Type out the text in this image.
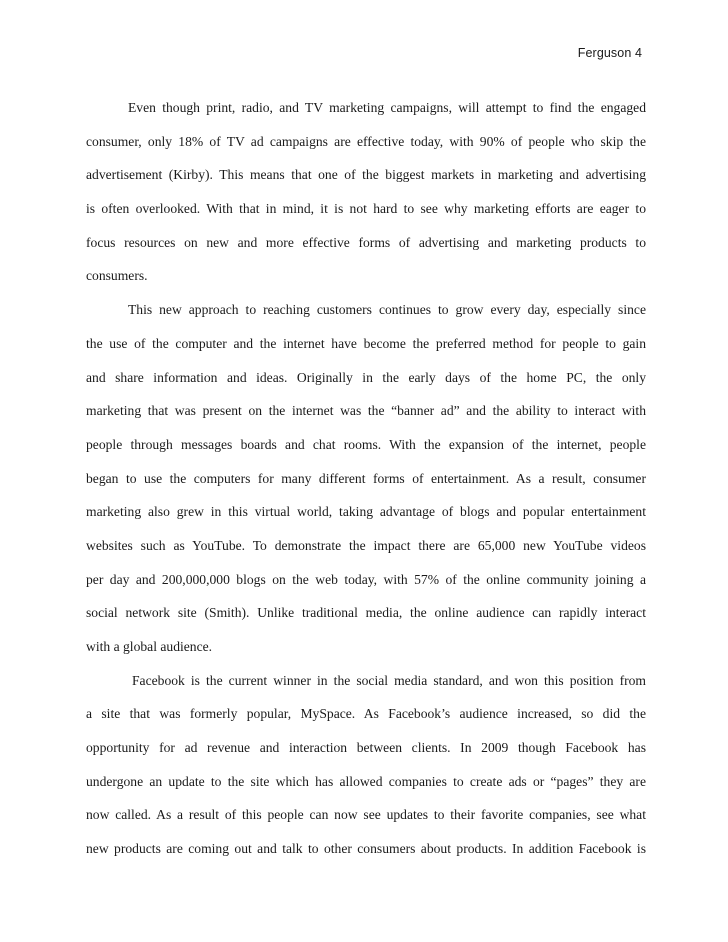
Ferguson 4
Even though print, radio, and TV marketing campaigns, will attempt to find the engaged
consumer, only 18% of TV ad campaigns are effective today, with 90% of people who skip the
advertisement (Kirby). This means that one of the biggest markets in marketing and advertising
is often overlooked. With that in mind, it is not hard to see why marketing efforts are eager to
focus resources on new and more effective forms of advertising and marketing products to
consumers.
This new approach to reaching customers continues to grow every day, especially since
the use of the computer and the internet have become the preferred method for people to gain
and share information and ideas. Originally in the early days of the home PC, the only
marketing that was present on the internet was the “banner ad” and the ability to interact with
people through messages boards and chat rooms. With the expansion of the internet, people
began to use the computers for many different forms of entertainment. As a result, consumer
marketing also grew in this virtual world, taking advantage of blogs and popular entertainment
websites such as YouTube. To demonstrate the impact there are 65,000 new YouTube videos
per day and 200,000,000 blogs on the web today, with 57% of the online community joining a
social network site (Smith). Unlike traditional media, the online audience can rapidly interact
with a global audience.
Facebook is the current winner in the social media standard, and won this position from
a site that was formerly popular, MySpace. As Facebook’s audience increased, so did the
opportunity for ad revenue and interaction between clients. In 2009 though Facebook has
undergone an update to the site which has allowed companies to create ads or “pages” they are
now called. As a result of this people can now see updates to their favorite companies, see what
new products are coming out and talk to other consumers about products. In addition Facebook is
